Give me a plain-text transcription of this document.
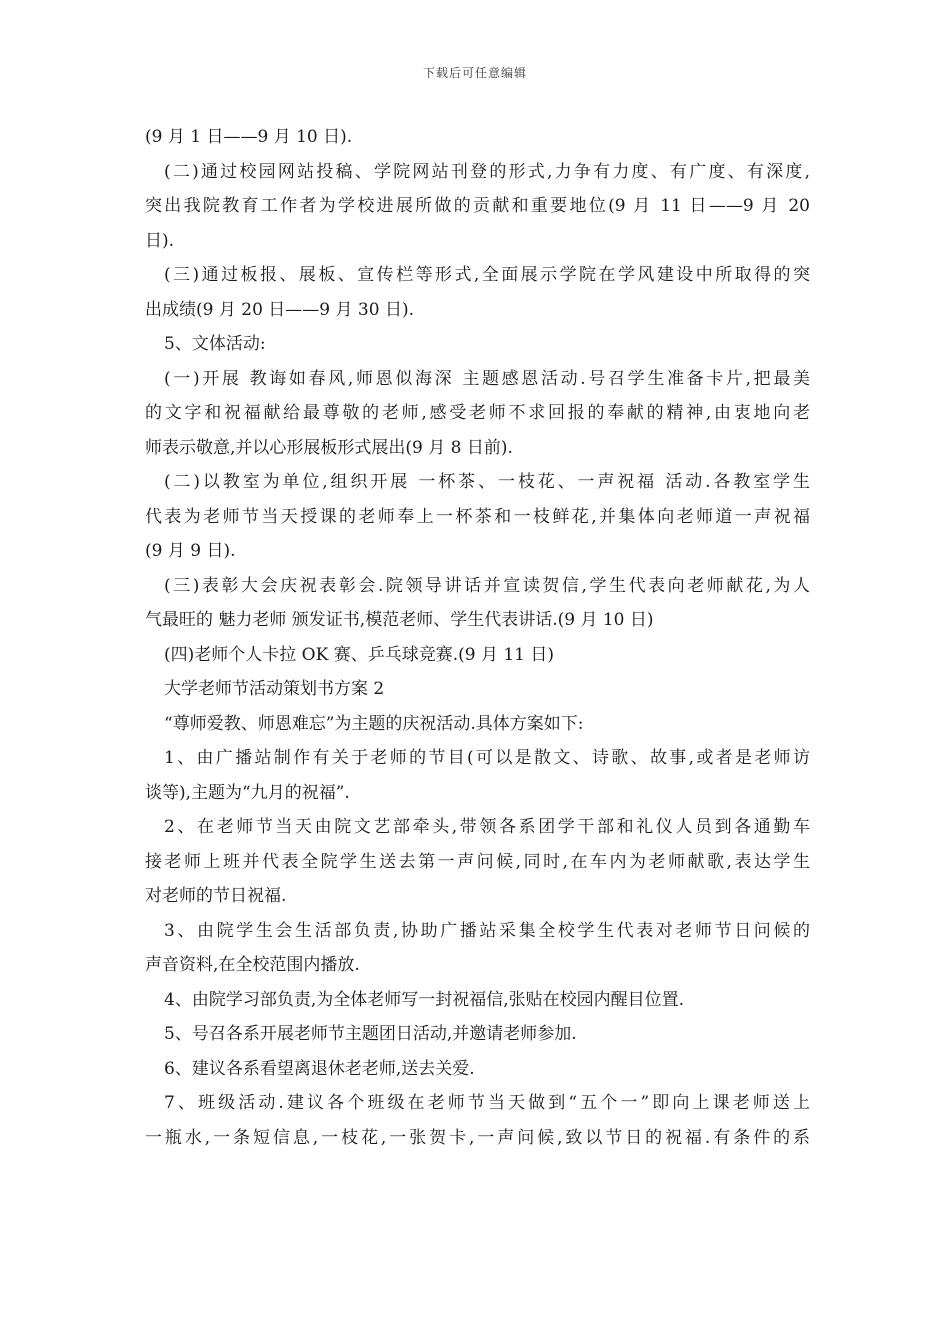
下载后可任意编辑
(9 月 1 日——9 月 10 日).
(二)通过校园网站投稿、学院网站刊登的形式,力争有力度、有广度、有深度,
突出我院教育工作者为学校进展所做的贡献和重要地位(9 月 11 日——9 月 20
日).
(三)通过板报、展板、宣传栏等形式,全面展示学院在学风建设中所取得的突
出成绩(9 月 20 日——9 月 30 日).
5、文体活动:
(一)开展 教诲如春风,师恩似海深 主题感恩活动.号召学生准备卡片,把最美
的文字和祝福献给最尊敬的老师,感受老师不求回报的奉献的精神,由衷地向老
师表示敬意,并以心形展板形式展出(9 月 8 日前).
(二)以教室为单位,组织开展 一杯茶、一枝花、一声祝福 活动.各教室学生
代表为老师节当天授课的老师奉上一杯茶和一枝鲜花,并集体向老师道一声祝福
(9 月 9 日).
(三)表彰大会庆祝表彰会.院领导讲话并宣读贺信,学生代表向老师献花,为人
气最旺的 魅力老师 颁发证书,模范老师、学生代表讲话.(9 月 10 日)
(四)老师个人卡拉 OK 赛、乒乓球竞赛.(9 月 11 日)
大学老师节活动策划书方案 2
“尊师爱教、师恩难忘”为主题的庆祝活动.具体方案如下:
1、由广播站制作有关于老师的节目(可以是散文、诗歌、故事,或者是老师访
谈等),主题为“九月的祝福”.
2、在老师节当天由院文艺部牵头,带领各系团学干部和礼仪人员到各通勤车
接老师上班并代表全院学生送去第一声问候,同时,在车内为老师献歌,表达学生
对老师的节日祝福.
3、由院学生会生活部负责,协助广播站采集全校学生代表对老师节日问候的
声音资料,在全校范围内播放.
4、由院学习部负责,为全体老师写一封祝福信,张贴在校园内醒目位置.
5、号召各系开展老师节主题团日活动,并邀请老师参加.
6、建议各系看望离退休老老师,送去关爱.
7、班级活动.建议各个班级在老师节当天做到“五个一”即向上课老师送上
一瓶水,一条短信息,一枝花,一张贺卡,一声问候,致以节日的祝福.有条件的系
